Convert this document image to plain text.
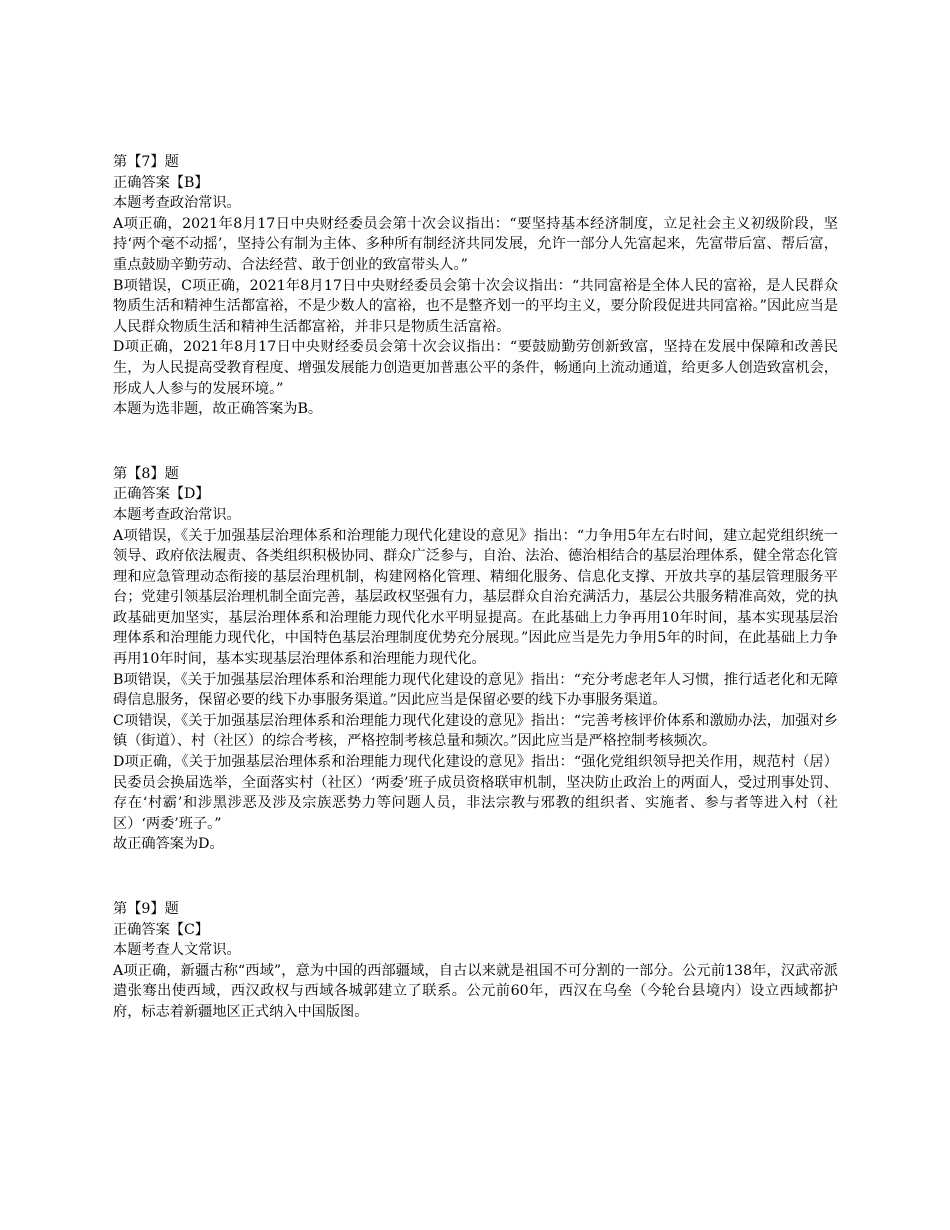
第【7】题

正确答案【B】

本题考查政治常识。

A项正确，2021年8月17日中央财经委员会第十次会议指出：“要坚持基本经济制度，立足社会主义初级阶段，坚持‘两个毫不动摇’，坚持公有制为主体、多种所有制经济共同发展，允许一部分人先富起来，先富带后富、帮后富，重点鼓励辛勤劳动、合法经营、敢于创业的致富带头人。”

B项错误，C项正确，2021年8月17日中央财经委员会第十次会议指出：“共同富裕是全体人民的富裕，是人民群众物质生活和精神生活都富裕，不是少数人的富裕，也不是整齐划一的平均主义，要分阶段促进共同富裕。”因此应当是人民群众物质生活和精神生活都富裕，并非只是物质生活富裕。

D项正确，2021年8月17日中央财经委员会第十次会议指出：“要鼓励勤劳创新致富，坚持在发展中保障和改善民生，为人民提高受教育程度、增强发展能力创造更加普惠公平的条件，畅通向上流动通道，给更多人创造致富机会，形成人人参与的发展环境。”

本题为选非题，故正确答案为B。

第【8】题

正确答案【D】

本题考查政治常识。

A项错误，《关于加强基层治理体系和治理能力现代化建设的意见》指出：“力争用5年左右时间，建立起党组织统一领导、政府依法履责、各类组织积极协同、群众广泛参与，自治、法治、德治相结合的基层治理体系，健全常态化管理和应急管理动态衔接的基层治理机制，构建网格化管理、精细化服务、信息化支撑、开放共享的基层管理服务平台；党建引领基层治理机制全面完善，基层政权坚强有力，基层群众自治充满活力，基层公共服务精准高效，党的执政基础更加坚实，基层治理体系和治理能力现代化水平明显提高。在此基础上力争再用10年时间，基本实现基层治理体系和治理能力现代化，中国特色基层治理制度优势充分展现。”因此应当是先力争用5年的时间，在此基础上力争再用10年时间，基本实现基层治理体系和治理能力现代化。

B项错误，《关于加强基层治理体系和治理能力现代化建设的意见》指出：“充分考虑老年人习惯，推行适老化和无障碍信息服务，保留必要的线下办事服务渠道。”因此应当是保留必要的线下办事服务渠道。

C项错误，《关于加强基层治理体系和治理能力现代化建设的意见》指出：“完善考核评价体系和激励办法，加强对乡镇（街道）、村（社区）的综合考核，严格控制考核总量和频次。”因此应当是严格控制考核频次。

D项正确，《关于加强基层治理体系和治理能力现代化建设的意见》指出：“强化党组织领导把关作用，规范村（居）民委员会换届选举，全面落实村（社区）‘两委’班子成员资格联审机制，坚决防止政治上的两面人，受过刑事处罚、存在‘村霸’和涉黑涉恶及涉及宗族恶势力等问题人员，非法宗教与邪教的组织者、实施者、参与者等进入村（社区）‘两委’班子。”

故正确答案为D。

第【9】题

正确答案【C】

本题考查人文常识。

A项正确，新疆古称“西域”，意为中国的西部疆域，自古以来就是祖国不可分割的一部分。公元前138年，汉武帝派遣张骞出使西域，西汉政权与西域各城郭建立了联系。公元前60年，西汉在乌垒（今轮台县境内）设立西域都护府，标志着新疆地区正式纳入中国版图。
